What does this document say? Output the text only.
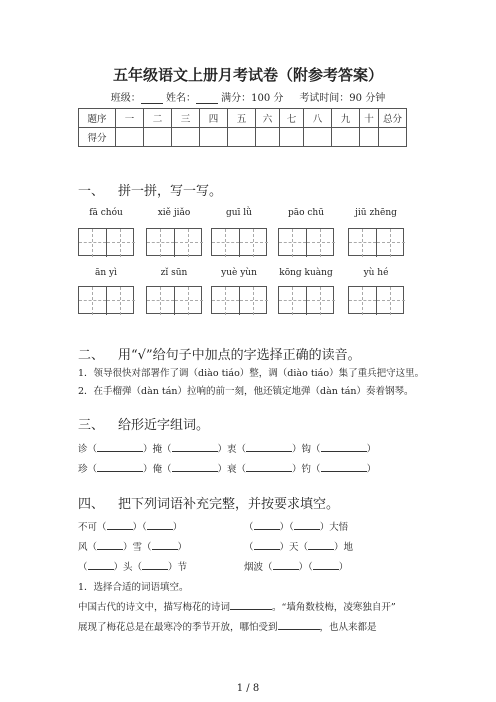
五年级语文上册月考试卷（附参考答案）
班级：	姓名：	满分：100 分 考试时间：90 分钟
题序	一	二	三	四	五	六	七	八	九	十	总分
得分											
一、 拼一拼，写一写。
fā chóu	xiě jiǎo	guī lǜ	pāo chū	jiū zhēng
ān yì	zǐ sūn	yuè yùn	kōng kuàng	yù hé
二、 用“√”给句子中加点的字选择正确的读音。
1．领导很快对部署作了调（diào tiáo）整，调（diào tiáo）集了重兵把守这里。
2．在手榴弹（dàn tán）拉响的前一刻，他还镇定地弹（dàn tán）奏着钢琴。
三、 给形近字组词。
诊（	）掩（	）衷（	）钩（	）
珍（	）俺（	）衰（	）钓（	）
四、 把下列词语补充完整，并按要求填空。
不可（	）（	）	（	）（	）大悟
风（	）雪（	）	（	）天（	）地
（	）头（	）节	烟波（	）（	）
1．选择合适的词语填空。
中国古代的诗文中，描写梅花的诗词	。“墙角数枝梅，凌寒独自开”
展现了梅花总是在最寒冷的季节开放，哪怕受到	，也从来都是
1 / 8
